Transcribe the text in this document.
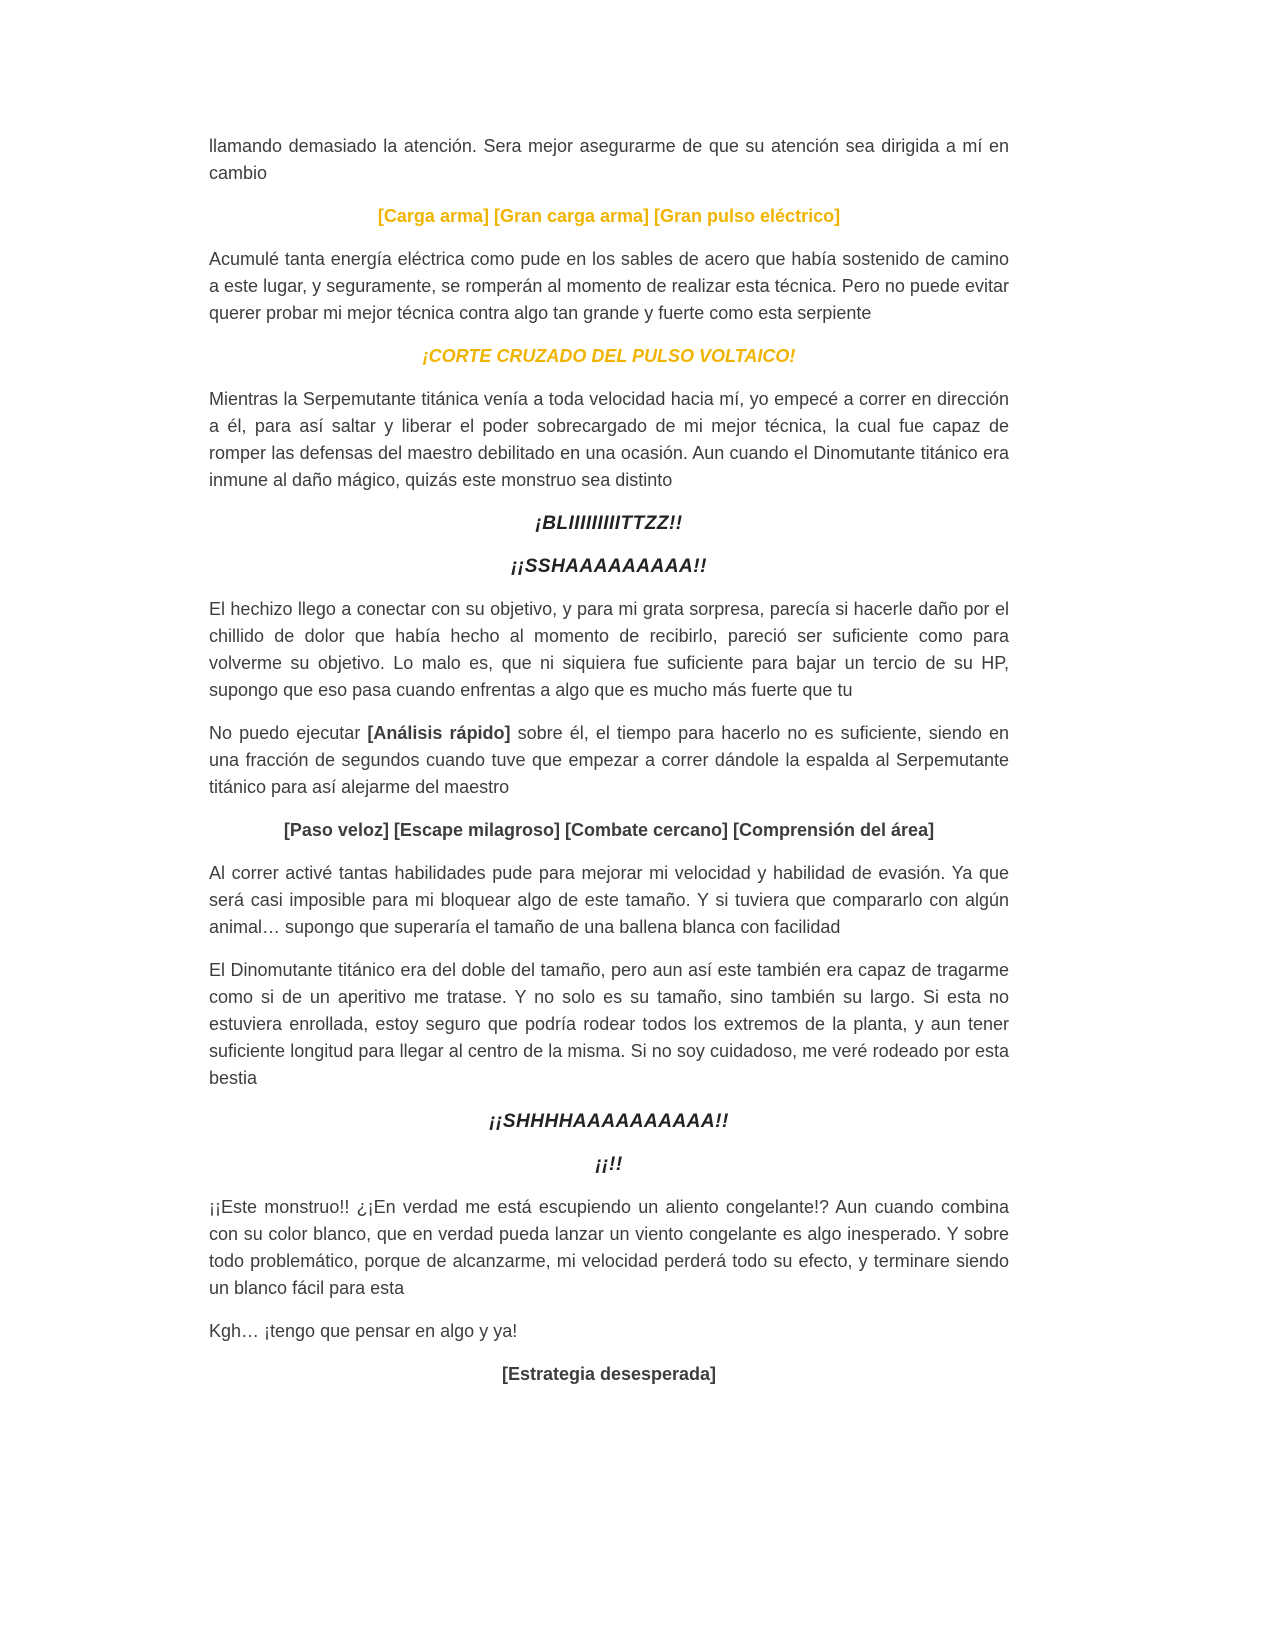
llamando demasiado la atención. Sera mejor asegurarme de que su atención sea dirigida a mí en cambio

[Carga arma] [Gran carga arma] [Gran pulso eléctrico]

Acumulé tanta energía eléctrica como pude en los sables de acero que había sostenido de camino a este lugar, y seguramente, se romperán al momento de realizar esta técnica. Pero no puede evitar querer probar mi mejor técnica contra algo tan grande y fuerte como esta serpiente

¡CORTE CRUZADO DEL PULSO VOLTAICO!

Mientras la Serpemutante titánica venía a toda velocidad hacia mí, yo empecé a correr en dirección a él, para así saltar y liberar el poder sobrecargado de mi mejor técnica, la cual fue capaz de romper las defensas del maestro debilitado en una ocasión. Aun cuando el Dinomutante titánico era inmune al daño mágico, quizás este monstruo sea distinto

¡BLIIIIIIIIITTZZ!!

¡¡SSHAAAAAAAAA!!

El hechizo llego a conectar con su objetivo, y para mi grata sorpresa, parecía si hacerle daño por el chillido de dolor que había hecho al momento de recibirlo, pareció ser suficiente como para volverme su objetivo. Lo malo es, que ni siquiera fue suficiente para bajar un tercio de su HP, supongo que eso pasa cuando enfrentas a algo que es mucho más fuerte que tu

No puedo ejecutar [Análisis rápido] sobre él, el tiempo para hacerlo no es suficiente, siendo en una fracción de segundos cuando tuve que empezar a correr dándole la espalda al Serpemutante titánico para así alejarme del maestro

[Paso veloz] [Escape milagroso] [Combate cercano] [Comprensión del área]

Al correr activé tantas habilidades pude para mejorar mi velocidad y habilidad de evasión. Ya que será casi imposible para mi bloquear algo de este tamaño. Y si tuviera que compararlo con algún animal… supongo que superaría el tamaño de una ballena blanca con facilidad

El Dinomutante titánico era del doble del tamaño, pero aun así este también era capaz de tragarme como si de un aperitivo me tratase. Y no solo es su tamaño, sino también su largo. Si esta no estuviera enrollada, estoy seguro que podría rodear todos los extremos de la planta, y aun tener suficiente longitud para llegar al centro de la misma. Si no soy cuidadoso, me veré rodeado por esta bestia

¡¡SHHHHAAAAAAAAAA!!

¡¡!!

¡¡Este monstruo!! ¿¡En verdad me está escupiendo un aliento congelante!? Aun cuando combina con su color blanco, que en verdad pueda lanzar un viento congelante es algo inesperado. Y sobre todo problemático, porque de alcanzarme, mi velocidad perderá todo su efecto, y terminare siendo un blanco fácil para esta

Kgh… ¡tengo que pensar en algo y ya!

[Estrategia desesperada]
